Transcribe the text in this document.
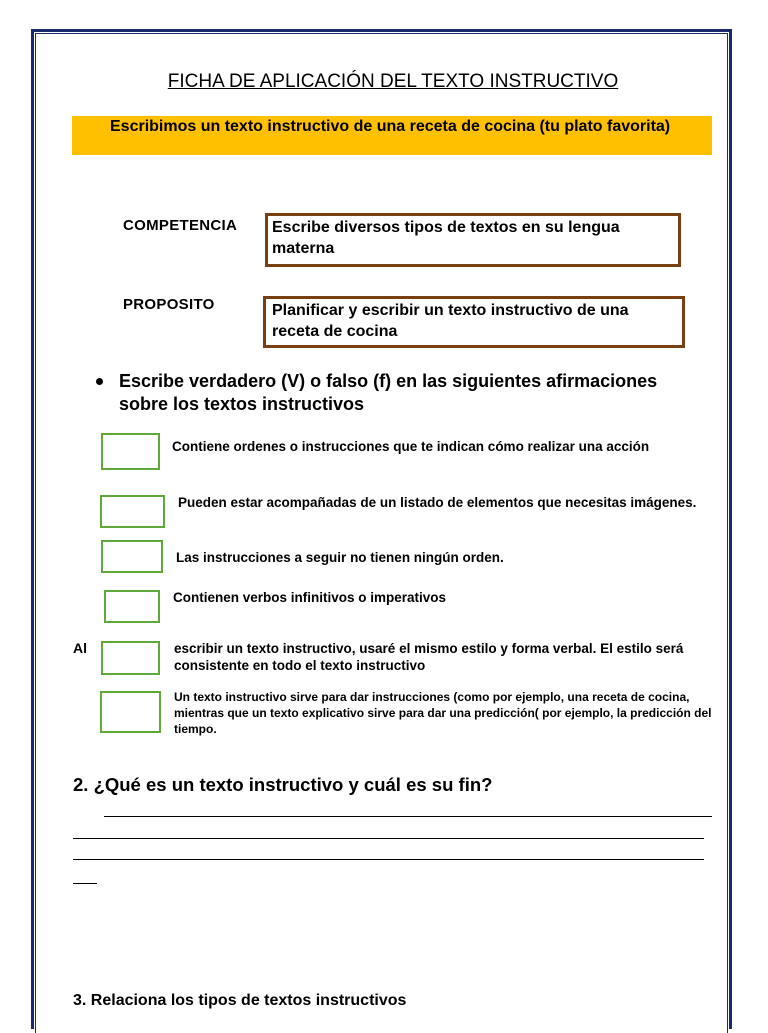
FICHA DE APLICACIÓN DEL TEXTO INSTRUCTIVO
Escribimos un texto instructivo de una receta de cocina (tu plato favorita)
COMPETENCIA Escribe diversos tipos de textos en su lengua materna
PROPOSITO	Planificar y escribir un texto instructivo de una receta de cocina
Escribe verdadero (V) o falso (f) en las siguientes afirmaciones sobre los textos instructivos
Contiene ordenes o instrucciones que te indican cómo realizar una acción
Pueden estar acompañadas de un listado de elementos que necesitas imágenes.
Las instrucciones a seguir no tienen ningún orden.
Contienen verbos infinitivos o imperativos
Al	escribir un texto instructivo, usaré el mismo estilo y forma verbal. El estilo será consistente en todo el texto instructivo
Un texto instructivo sirve para dar instrucciones (como por ejemplo, una receta de cocina, mientras que un texto explicativo sirve para dar una predicción( por ejemplo, la predicción del tiempo.
2. ¿Qué es un texto instructivo y cuál es su fin?
3. Relaciona los tipos de textos instructivos
